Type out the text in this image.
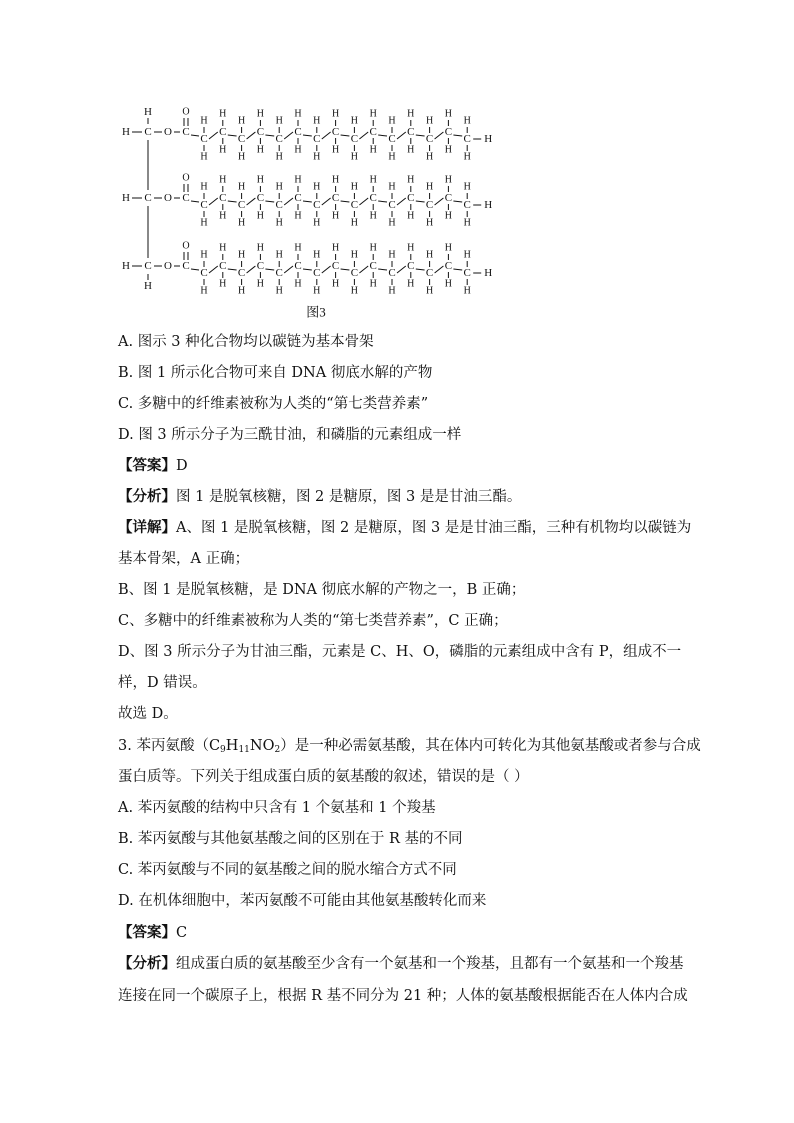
H
H
H C O C
O
C
H
H
C
H
H
C
H
H
C
H
H
C
H
H
C
H
H
C
H
H
C
H
H
C
H
H
C
H
H
C
H
H
C
H
H
C
H
H
C
H
H
C
H
H
H
H C O C
O
C
H
H
C
H
H
C
H
H
C
H
H
C
H
H
C
H
H
C
H
H
C
H
H
C
H
H
C
H
H
C
H
H
C
H
H
C
H
H
C
H
H
C
H
H
H
H C O C
O
C
H
H
C
H
H
C
H
H
C
H
H
C
H
H
C
H
H
C
H
H
C
H
H
C
H
H
C
H
H
C
H
H
C
H
H
C
H
H
C
H
H
C
H
H
H
图3
A. 图示 3 种化合物均以碳链为基本骨架
B. 图 1 所示化合物可来自 DNA 彻底水解的产物
C. 多糖中的纤维素被称为人类的“第七类营养素”
D. 图 3 所示分子为三酰甘油，和磷脂的元素组成一样
【答案】D
【分析】图 1 是脱氧核糖，图 2 是糖原，图 3 是是甘油三酯。
【详解】A、图 1 是脱氧核糖，图 2 是糖原，图 3 是是甘油三酯，三种有机物均以碳链为
基本骨架，A 正确；
B、图 1 是脱氧核糖，是 DNA 彻底水解的产物之一，B 正确；
C、多糖中的纤维素被称为人类的“第七类营养素”，C 正确；
D、图 3 所示分子为甘油三酯，元素是 C、H、O，磷脂的元素组成中含有 P，组成不一
样，D 错误。
故选 D。
3. 苯丙氨酸$(C_9H_{11}NO_2)$是一种必需氨基酸，其在体内可转化为其他氨基酸或者参与合成
蛋白质等。下列关于组成蛋白质的氨基酸的叙述，错误的是（ ）
A. 苯丙氨酸的结构中只含有 1 个氨基和 1 个羧基
B. 苯丙氨酸与其他氨基酸之间的区别在于 R 基的不同
C. 苯丙氨酸与不同的氨基酸之间的脱水缩合方式不同
D. 在机体细胞中，苯丙氨酸不可能由其他氨基酸转化而来
【答案】C
【分析】组成蛋白质的氨基酸至少含有一个氨基和一个羧基，且都有一个氨基和一个羧基
连接在同一个碳原子上，根据 R 基不同分为 21 种；人体的氨基酸根据能否在人体内合成
